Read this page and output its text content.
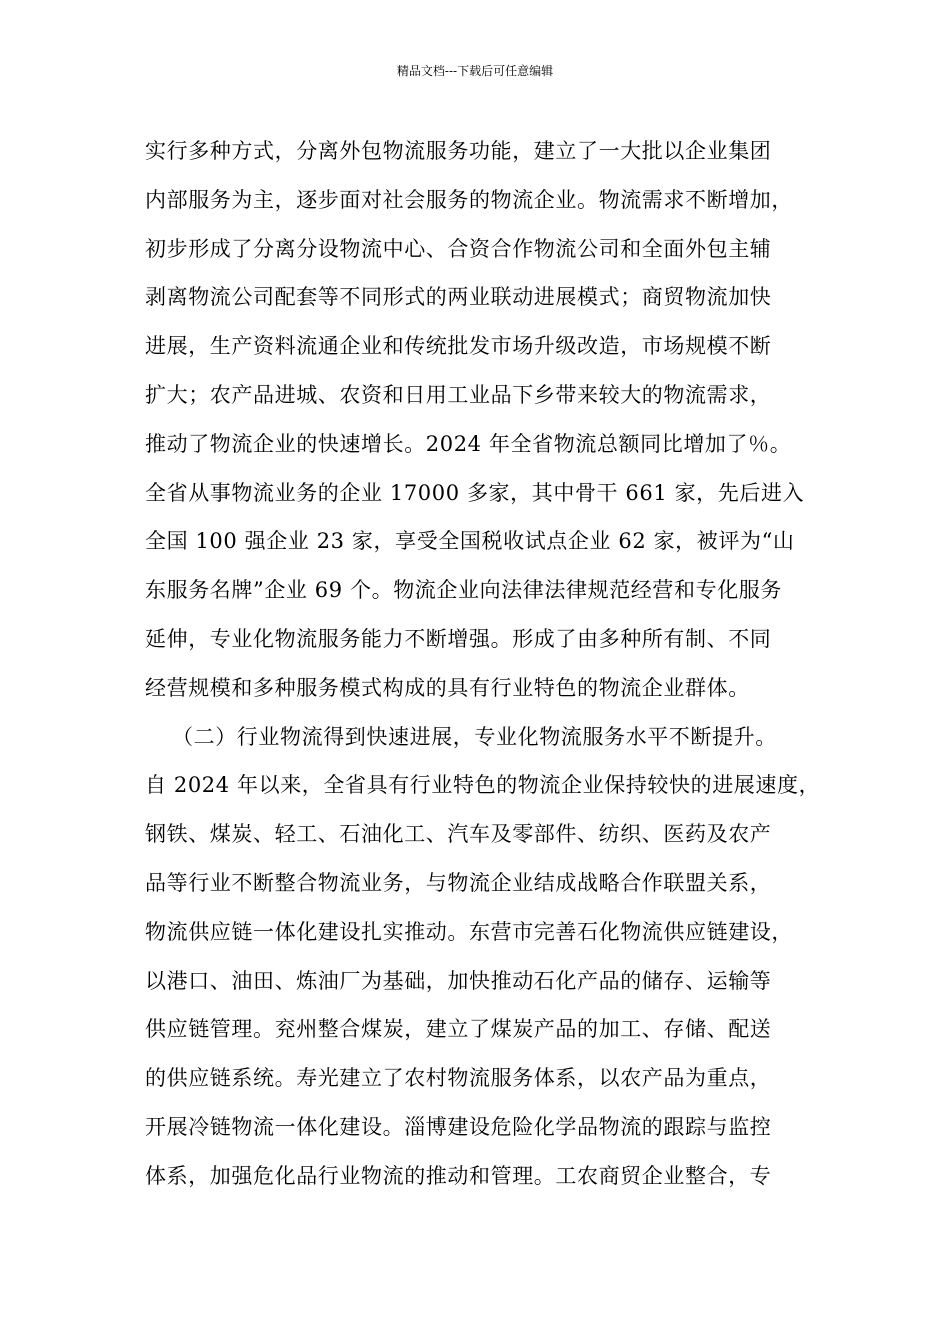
精品文档---下载后可任意编辑
实行多种方式，分离外包物流服务功能，建立了一大批以企业集团
内部服务为主，逐步面对社会服务的物流企业。物流需求不断增加，
初步形成了分离分设物流中心、合资合作物流公司和全面外包主辅
剥离物流公司配套等不同形式的两业联动进展模式；商贸物流加快
进展，生产资料流通企业和传统批发市场升级改造，市场规模不断
扩大；农产品进城、农资和日用工业品下乡带来较大的物流需求，
推动了物流企业的快速增长。2024 年全省物流总额同比增加了％。
全省从事物流业务的企业 17000 多家，其中骨干 661 家，先后进入
全国 100 强企业 23 家，享受全国税收试点企业 62 家，被评为“山
东服务名牌”企业 69 个。物流企业向法律法律规范经营和专化服务
延伸，专业化物流服务能力不断增强。形成了由多种所有制、不同
经营规模和多种服务模式构成的具有行业特色的物流企业群体。
（二）行业物流得到快速进展，专业化物流服务水平不断提升。
自 2024 年以来，全省具有行业特色的物流企业保持较快的进展速度，
钢铁、煤炭、轻工、石油化工、汽车及零部件、纺织、医药及农产
品等行业不断整合物流业务，与物流企业结成战略合作联盟关系，
物流供应链一体化建设扎实推动。东营市完善石化物流供应链建设，
以港口、油田、炼油厂为基础，加快推动石化产品的储存、运输等
供应链管理。兖州整合煤炭，建立了煤炭产品的加工、存储、配送
的供应链系统。寿光建立了农村物流服务体系，以农产品为重点，
开展冷链物流一体化建设。淄博建设危险化学品物流的跟踪与监控
体系，加强危化品行业物流的推动和管理。工农商贸企业整合，专
